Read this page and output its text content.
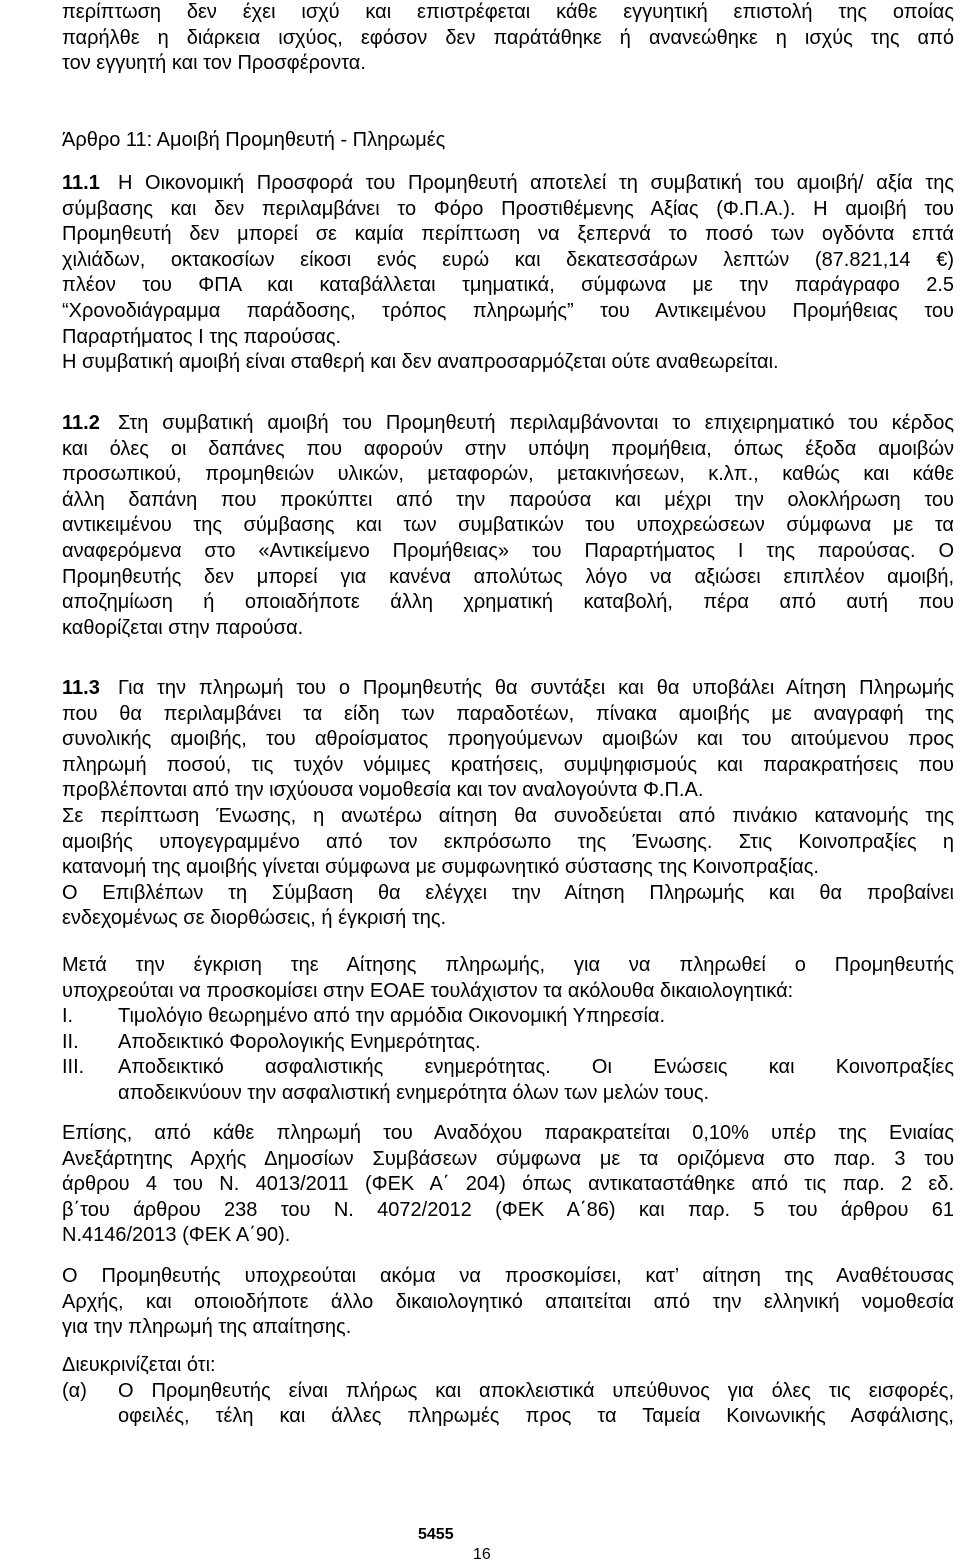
περίπτωση δεν έχει ισχύ και επιστρέφεται κάθε εγγυητική επιστολή της οποίας

παρήλθε η διάρκεια ισχύος, εφόσον δεν παράτάθηκε ή ανανεώθηκε η ισχύς της από

τον εγγυητή και τον Προσφέροντα.

Άρθρο 11: Αμοιβή Προμηθευτή - Πληρωμές

11.1 Η Οικονομική Προσφορά του Προμηθευτή αποτελεί τη συμβατική του αμοιβή/ αξία της

σύμβασης και δεν περιλαμβάνει το Φόρο Προστιθέμενης Αξίας (Φ.Π.Α.). Η αμοιβή του

Προμηθευτή δεν μπορεί σε καμία περίπτωση να ξεπερνά το ποσό των ογδόντα επτά

χιλιάδων, οκτακοσίων είκοσι ενός ευρώ και δεκατεσσάρων λεπτών (87.821,14 €)

πλέον του ΦΠΑ και καταβάλλεται τμηματικά, σύμφωνα με την παράγραφο 2.5

“Χρονοδιάγραμμα παράδοσης, τρόπος πληρωμής” του Αντικειμένου Προμήθειας του

Παραρτήματος Ι της παρούσας.

Η συμβατική αμοιβή είναι σταθερή και δεν αναπροσαρμόζεται ούτε αναθεωρείται.

11.2 Στη συμβατική αμοιβή του Προμηθευτή περιλαμβάνονται το επιχειρηματικό του κέρδος

και όλες οι δαπάνες που αφορούν στην υπόψη προμήθεια, όπως έξοδα αμοιβών

προσωπικού, προμηθειών υλικών, μεταφορών, μετακινήσεων, κ.λπ., καθώς και κάθε

άλλη δαπάνη που προκύπτει από την παρούσα και μέχρι την ολοκλήρωση του

αντικειμένου της σύμβασης και των συμβατικών του υποχρεώσεων σύμφωνα με τα

αναφερόμενα στο «Αντικείμενο Προμήθειας» του Παραρτήματος Ι της παρούσας. Ο

Προμηθευτής δεν μπορεί για κανένα απολύτως λόγο να αξιώσει επιπλέον αμοιβή,

αποζημίωση ή οποιαδήποτε άλλη χρηματική καταβολή, πέρα από αυτή που

καθορίζεται στην παρούσα.

11.3 Για την πληρωμή του ο Προμηθευτής θα συντάξει και θα υποβάλει Αίτηση Πληρωμής

που θα περιλαμβάνει τα είδη των παραδοτέων, πίνακα αμοιβής με αναγραφή της

συνολικής αμοιβής, του αθροίσματος προηγούμενων αμοιβών και του αιτούμενου προς

πληρωμή ποσού, τις τυχόν νόμιμες κρατήσεις, συμψηφισμούς και παρακρατήσεις που

προβλέπονται από την ισχύουσα νομοθεσία και τον αναλογούντα Φ.Π.Α.

Σε περίπτωση Ένωσης, η ανωτέρω αίτηση θα συνοδεύεται από πινάκιο κατανομής της

αμοιβής υπογεγραμμένο από τον εκπρόσωπο της Ένωσης. Στις Κοινοπραξίες η

κατανομή της αμοιβής γίνεται σύμφωνα με συμφωνητικό σύστασης της Κοινοπραξίας.

Ο Επιβλέπων τη Σύμβαση θα ελέγχει την Αίτηση Πληρωμής και θα προβαίνει

ενδεχομένως σε διορθώσεις, ή έγκρισή της.

Μετά την έγκριση τηε Αίτησης πληρωμής, για να πληρωθεί ο Προμηθευτής

υποχρεούται να προσκομίσει στην ΕΟΑΕ τουλάχιστον τα ακόλουθα δικαιολογητικά:

I. Τιμολόγιο θεωρημένο από την αρμόδια Οικονομική Υπηρεσία.

II. Αποδεικτικό Φορολογικής Ενημερότητας.

III. Αποδεικτικό ασφαλιστικής ενημερότητας. Οι Ενώσεις και Κοινοπραξίες

αποδεικνύουν την ασφαλιστική ενημερότητα όλων των μελών τους.

Επίσης, από κάθε πληρωμή του Αναδόχου παρακρατείται 0,10% υπέρ της Ενιαίας

Ανεξάρτητης Αρχής Δημοσίων Συμβάσεων σύμφωνα με τα οριζόμενα στο παρ. 3 του

άρθρου 4 του Ν. 4013/2011 (ΦΕΚ Α΄ 204) όπως αντικαταστάθηκε από τις παρ. 2 εδ.

β΄του άρθρου 238 του Ν. 4072/2012 (ΦΕΚ Α΄86) και παρ. 5 του άρθρου 61

Ν.4146/2013 (ΦΕΚ Α΄90).

Ο Προμηθευτής υποχρεούται ακόμα να προσκομίσει, κατ’ αίτηση της Αναθέτουσας

Αρχής, και οποιοδήποτε άλλο δικαιολογητικό απαιτείται από την ελληνική νομοθεσία

για την πληρωμή της απαίτησης.

Διευκρινίζεται ότι:

(α) Ο Προμηθευτής είναι πλήρως και αποκλειστικά υπεύθυνος για όλες τις εισφορές,

οφειλές, τέλη και άλλες πληρωμές προς τα Ταμεία Κοινωνικής Ασφάλισης,

5455
16
